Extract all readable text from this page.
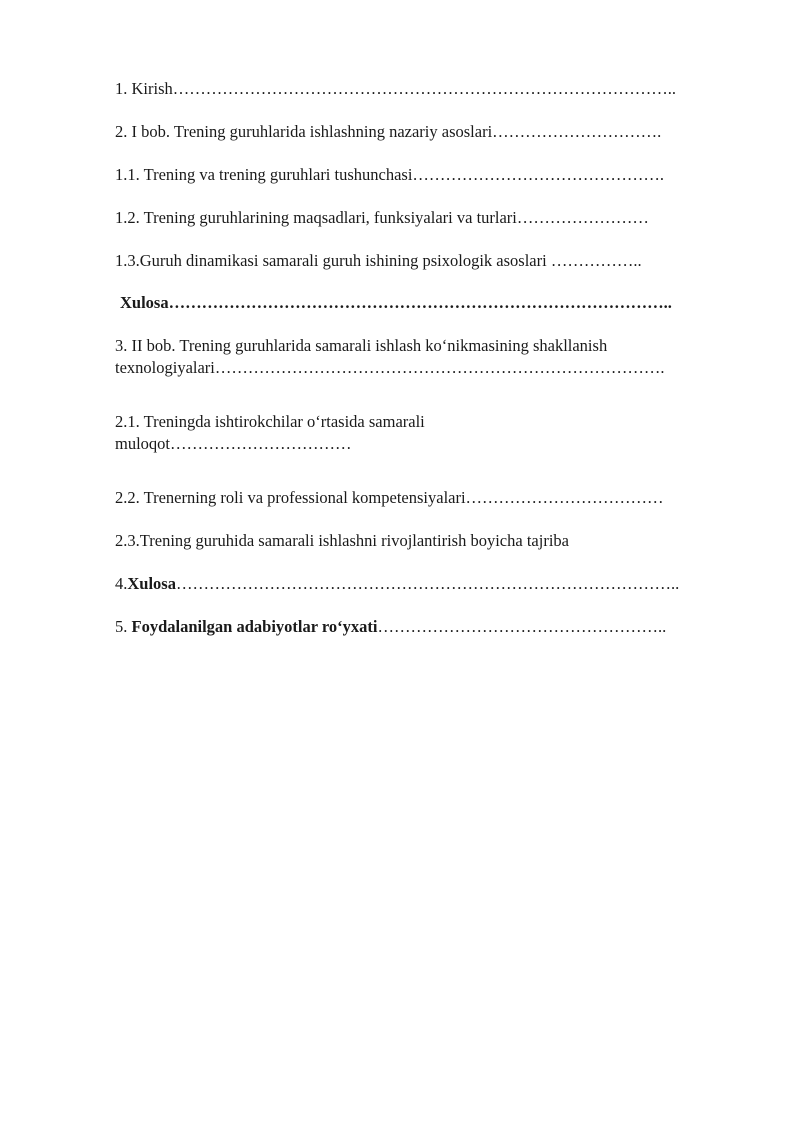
1. Kirish………………………………………………………………………………..
2. I bob. Trening guruhlarida ishlashning nazariy asoslari………………………….
1.1. Trening va trening guruhlari tushunchasi……………………………………….
1.2. Trening guruhlarining maqsadlari, funksiyalari va turlari……………………
1.3.Guruh dinamikasi samarali guruh ishining psixologik asoslari ……………..
Xulosa………………………………………………………………………………..
3. II bob. Trening guruhlarida samarali ishlash ko‘nikmasining shakllanish texnologiyalari……………………………………………………………………….
2.1. Treningda ishtirokchilar o‘rtasida samarali muloqot……………………………
2.2. Trenerning roli va professional kompetensiyalari………………………………
2.3.Trening guruhida samarali ishlashni rivojlantirish boyicha tajriba
4.Xulosa………………………………………………………………………………..
5. Foydalanilgan adabiyotlar ro‘yxati……………………………………………..
